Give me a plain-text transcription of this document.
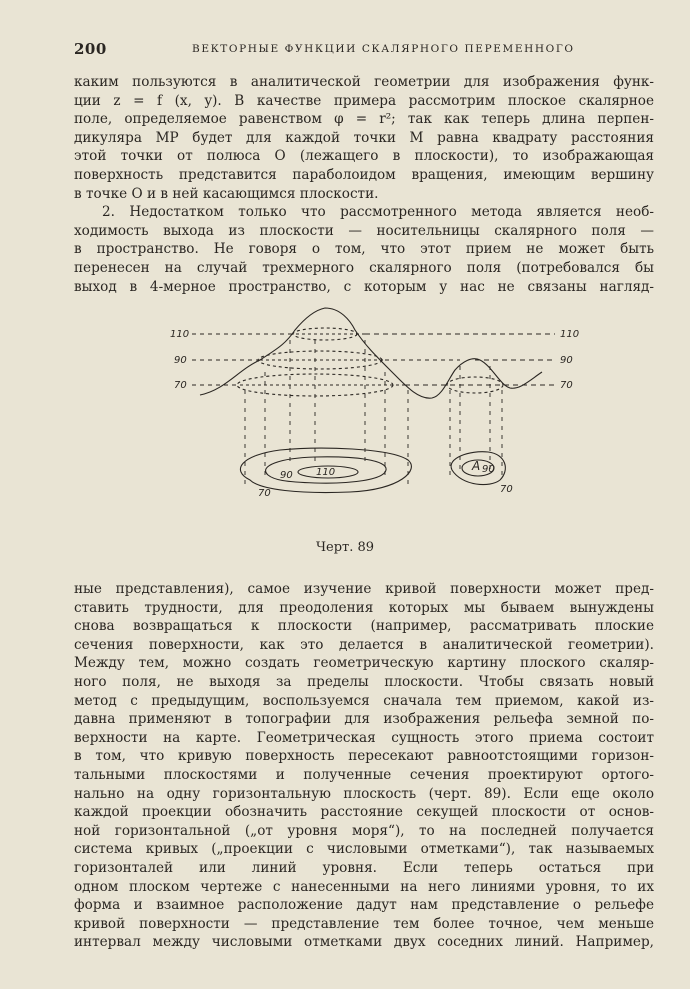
200	ВЕКТОРНЫЕ ФУНКЦИИ СКАЛЯРНОГО ПЕРЕМЕННОГО
каким пользуются в аналитической геометрии для изображения функ-
ции z = f (x, y). В качестве примера рассмотрим плоское скалярное
поле, определяемое равенством φ = r²; так как теперь длина перпен-
дикуляра MP будет для каждой точки M равна квадрату расстояния
этой точки от полюса O (лежащего в плоскости), то изображающая
поверхность представится параболоидом вращения, имеющим вершину
в точке O и в ней касающимся плоскости.
2. Недостатком только что рассмотренного метода является необ-
ходимость выхода из плоскости — носительницы скалярного поля —
в пространство. Не говоря о том, что этот прием не может быть
перенесен на случай трехмерного скалярного поля (потребовался бы
выход в 4-мерное пространство, с которым у нас не связаны нагляд-
110
90
70
110
90
70
90 110
70
A 90
70
Черт. 89
ные представления), самое изучение кривой поверхности может пред-
ставить трудности, для преодоления которых мы бываем вынуждены
снова возвращаться к плоскости (например, рассматривать плоские
сечения поверхности, как это делается в аналитической геометрии).
Между тем, можно создать геометрическую картину плоского скаляр-
ного поля, не выходя за пределы плоскости. Чтобы связать новый
метод с предыдущим, воспользуемся сначала тем приемом, какой из-
давна применяют в топографии для изображения рельефа земной по-
верхности на карте. Геометрическая сущность этого приема состоит
в том, что кривую поверхность пересекают равноотстоящими горизон-
тальными плоскостями и полученные сечения проектируют ортого-
нально на одну горизонтальную плоскость (черт. 89). Если еще около
каждой проекции обозначить расстояние секущей плоскости от основ-
ной горизонтальной („от уровня моря“), то на последней получается
система кривых („проекции с числовыми отметками“), так называемых
горизонталей или линий уровня. Если теперь остаться при
одном плоском чертеже с нанесенными на него линиями уровня, то их
форма и взаимное расположение дадут нам представление о рельефе
кривой поверхности — представление тем более точное, чем меньше
интервал между числовыми отметками двух соседних линий. Например,
